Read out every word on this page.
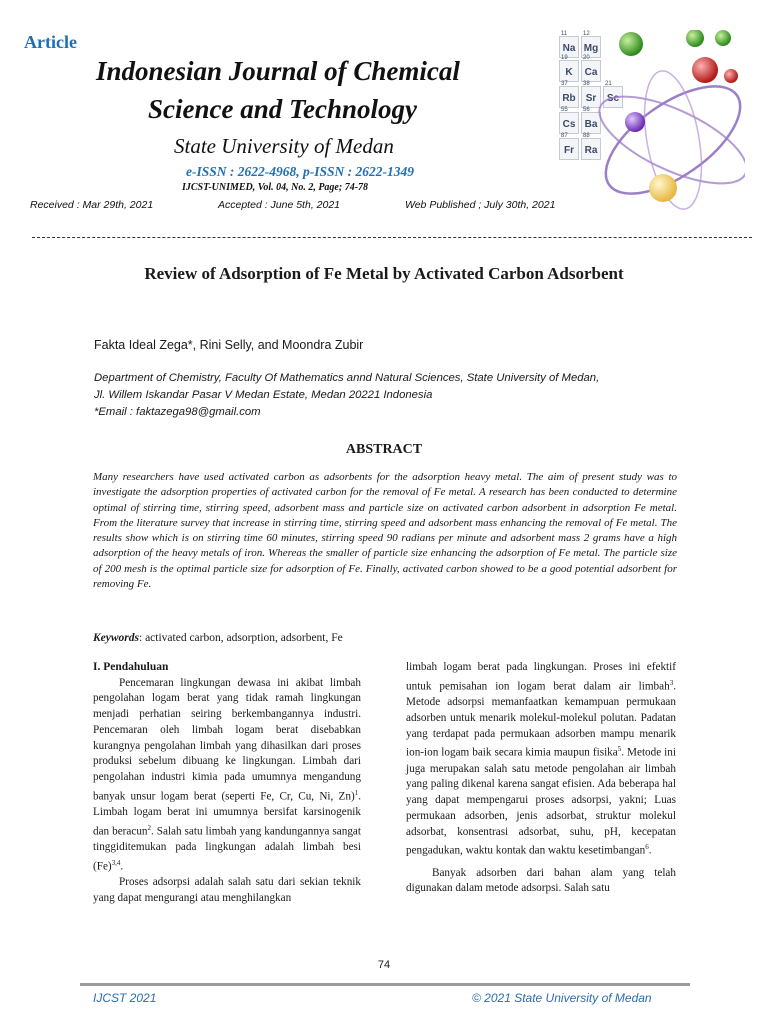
Article
Indonesian Journal of Chemical
Science and Technology
State University of Medan
e-ISSN : 2622-4968, p-ISSN : 2622-1349
IJCST-UNIMED, Vol. 04, No. 2, Page; 74-78
Received : Mar 29th, 2021	Accepted : June 5th, 2021	Web Published ; July 30th, 2021
11
Na
12
Mg
19
K
20
Ca
37
Rb
38
Sr
55
Cs
56
Ba
87
Fr
88
Ra
21
Sc
Review of Adsorption of Fe Metal by Activated Carbon Adsorbent
Fakta Ideal Zega*, Rini Selly, and Moondra Zubir
Department of Chemistry, Faculty Of Mathematics annd Natural Sciences, State University of Medan,
Jl. Willem Iskandar Pasar V Medan Estate, Medan 20221 Indonesia
*Email : faktazega98@gmail.com
ABSTRACT
Many researchers have used activated carbon as adsorbents for the adsorption heavy metal. The aim of present study was to investigate the adsorption properties of activated carbon for the removal of Fe metal. A research has been conducted to determine optimal of stirring time, stirring speed, adsorbent mass and particle size on activated carbon adsorbent in adsorption Fe metal. From the literature survey that increase in stirring time, stirring speed and adsorbent mass enhancing the removal of Fe metal. The results show which is on stirring time 60 minutes, stirring speed 90 radians per minute and adsorbent mass 2 grams have a high adsorption of the heavy metals of iron. Whereas the smaller of particle size enhancing the adsorption of Fe metal. The particle size of 200 mesh is the optimal particle size for adsorption of Fe. Finally, activated carbon showed to be a good potential adsorbent for removing Fe.
Keywords: activated carbon, adsorption, adsorbent, Fe

I. Pendahuluan

Pencemaran lingkungan dewasa ini akibat limbah pengolahan logam berat yang tidak ramah lingkungan menjadi perhatian seiring berkembangannya industri. Pencemaran oleh limbah logam berat disebabkan kurangnya pengolahan limbah yang dihasilkan dari proses produksi sebelum dibuang ke lingkungan. Limbah dari pengolahan industri kimia pada umumnya mengandung banyak unsur logam berat (seperti Fe, Cr, Cu, Ni, Zn)$^1$. Limbah logam berat ini umumnya bersifat karsinogenik dan beracun$^2$. Salah satu limbah yang kandungannya sangat tinggiditemukan pada lingkungan adalah limbah besi $(Fe)^{3,4}$.

Proses adsorpsi adalah salah satu dari sekian teknik yang dapat mengurangi atau menghilangkan

limbah logam berat pada lingkungan. Proses ini efektif untuk pemisahan ion logam berat dalam air limbah$^3$. Metode adsorpsi memanfaatkan kemampuan permukaan adsorben untuk menarik molekul-molekul polutan. Padatan yang terdapat pada permukaan adsorben mampu menarik ion-ion logam baik secara kimia maupun fisika$^5$. Metode ini juga merupakan salah satu metode pengolahan air limbah yang paling dikenal karena sangat efisien. Ada beberapa hal yang dapat mempengarui proses adsorpsi, yakni; Luas permukaan adsorben, jenis adsorbat, struktur molekul adsorbat, konsentrasi adsorbat, suhu, pH, kecepatan pengadukan, waktu kontak dan waktu kesetimbangan$^6$.

Banyak adsorben dari bahan alam yang telah digunakan dalam metode adsorpsi. Salah satu

74
IJCST 2021	© 2021 State University of Medan
